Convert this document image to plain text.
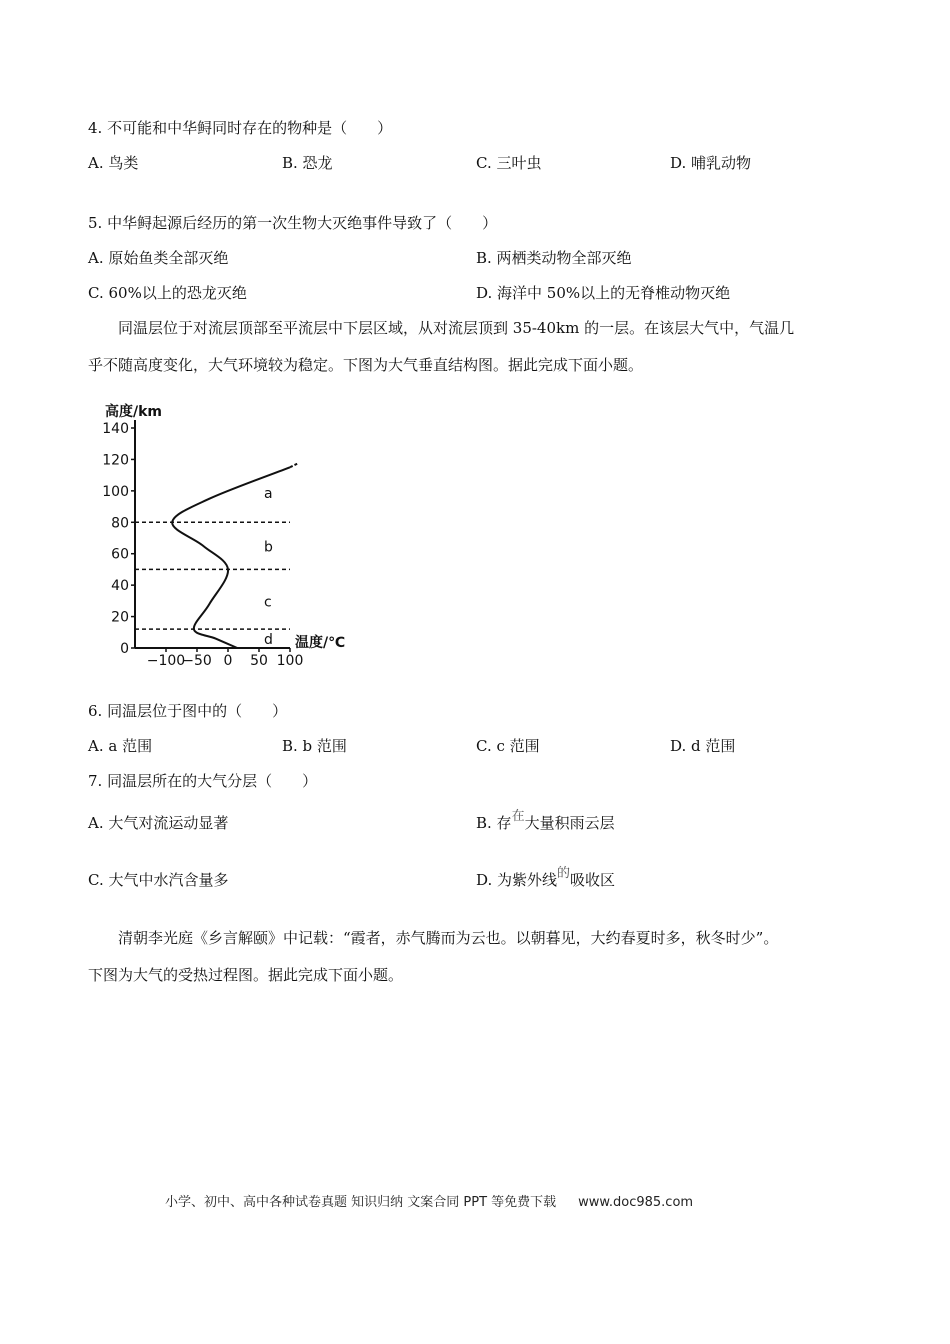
4. 不可能和中华鲟同时存在的物种是（　　）
A. 鸟类	B. 恐龙	C. 三叶虫	D. 哺乳动物
5. 中华鲟起源后经历的第一次生物大灭绝事件导致了（　　）
A. 原始鱼类全部灭绝	B. 两栖类动物全部灭绝
C. 60%以上的恐龙灭绝	D. 海洋中 50%以上的无脊椎动物灭绝
同温层位于对流层顶部至平流层中下层区域，从对流层顶到 35-40km 的一层。在该层大气中，气温几
乎不随高度变化，大气环境较为稳定。下图为大气垂直结构图。据此完成下面小题。
0
20
40
60
80
100
120
140
−100
−50 0 50 100
高度/km
温度/℃
a
b
c
d
6. 同温层位于图中的（　　）
A. a 范围	B. b 范围	C. c 范围	D. d 范围
7. 同温层所在的大气分层（　　）
A. 大气对流运动显著	B. 存在大量积雨云层
C. 大气中水汽含量多	D. 为紫外线的吸收区
清朝李光庭《乡言解颐》中记载：“霞者，赤气腾而为云也。以朝暮见，大约春夏时多，秋冬时少”。
下图为大气的受热过程图。据此完成下面小题。
小学、初中、高中各种试卷真题 知识归纳 文案合同 PPT 等免费下载 www.doc985.com
